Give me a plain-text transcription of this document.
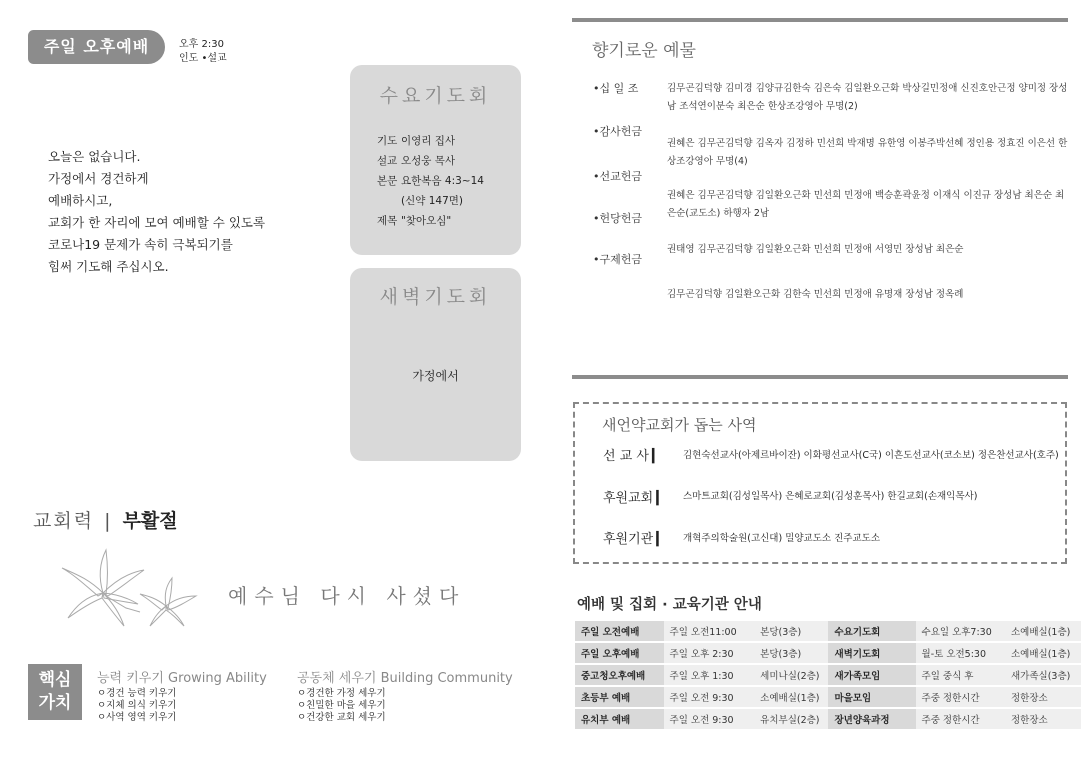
주일 오후예배	오후 2:30
인도 •설교
오늘은 없습니다.
가정에서 경건하게
예배하시고,
교회가 한 자리에 모여 예배할 수 있도록
코로나19 문제가 속히 극복되기를
힘써 기도해 주십시오.
수요기도회
기도 이영리 집사
설교 오성웅 목사
본문 요한복음 4:3~14
(신약 147면)
제목 "찾아오심"
새벽기도회
가정에서
교회력 | 부활절
예수님 다시 사셨다
핵심
가치
능력 키우기 Growing Ability
ㅇ경건 능력 키우기
ㅇ지체 의식 키우기
ㅇ사역 영역 키우기
공동체 세우기 Building Community
ㅇ경건한 가정 세우기
ㅇ친밀한 마을 세우기
ㅇ건강한 교회 세우기
향기로운 예물
•십 일 조	김무곤김덕향 김미경 김양규김한숙 김은숙 김일환오근화 박상길민정애 신진호안근정 양미정 장성남 조석연이분숙 최은순 한상조강영아 무명(2)
•감사헌금
권혜은 김무곤김덕향 김옥자 김정하 민선희 박재명 유한영 이봉주박선혜 정인용 정효진 이은선 한상조강영아 무명(4)
•선교헌금
권혜은 김무곤김덕향 김일환오근화 민선희 민정애 백승훈곽윤정 이재식 이진규 장성남 최은순 최은순(교도소) 하행자 2남
•헌당헌금
권태영 김무곤김덕향 김일환오근화 민선희 민정애 서영민 장성남 최은순
•구제헌금
김무곤김덕향 김일환오근화 김한숙 민선희 민정애 유명재 장성남 정옥례
새언약교회가 돕는 사역
선 교 사 ▎ 김현숙선교사(아제르바이잔) 이화평선교사(C국) 이흔도선교사(코소보) 정은찬선교사(호주)
후원교회 ▎ 스마트교회(김성일목사) 은혜로교회(김성훈목사) 한길교회(손재익목사)
후원기관 ▎ 개혁주의학술원(고신대) 밀양교도소 진주교도소
예배 및 집회 · 교육기관 안내
주일 오전예배	주일 오전11:00	본당(3층)	수요기도회	수요일 오후7:30	소예배실(1층)
주일 오후예배	주일 오후 2:30	본당(3층)	새벽기도회	월-토 오전5:30	소예배실(1층)
중고청오후예배	주일 오후 1:30	세미나실(2층)	새가족모임	주일 중식 후	새가족실(3층)
초등부 예배	주일 오전 9:30	소예배실(1층)	마을모임	주중 정한시간	정한장소
유치부 예배	주일 오전 9:30	유치부실(2층)	장년양육과정	주중 정한시간	정한장소
